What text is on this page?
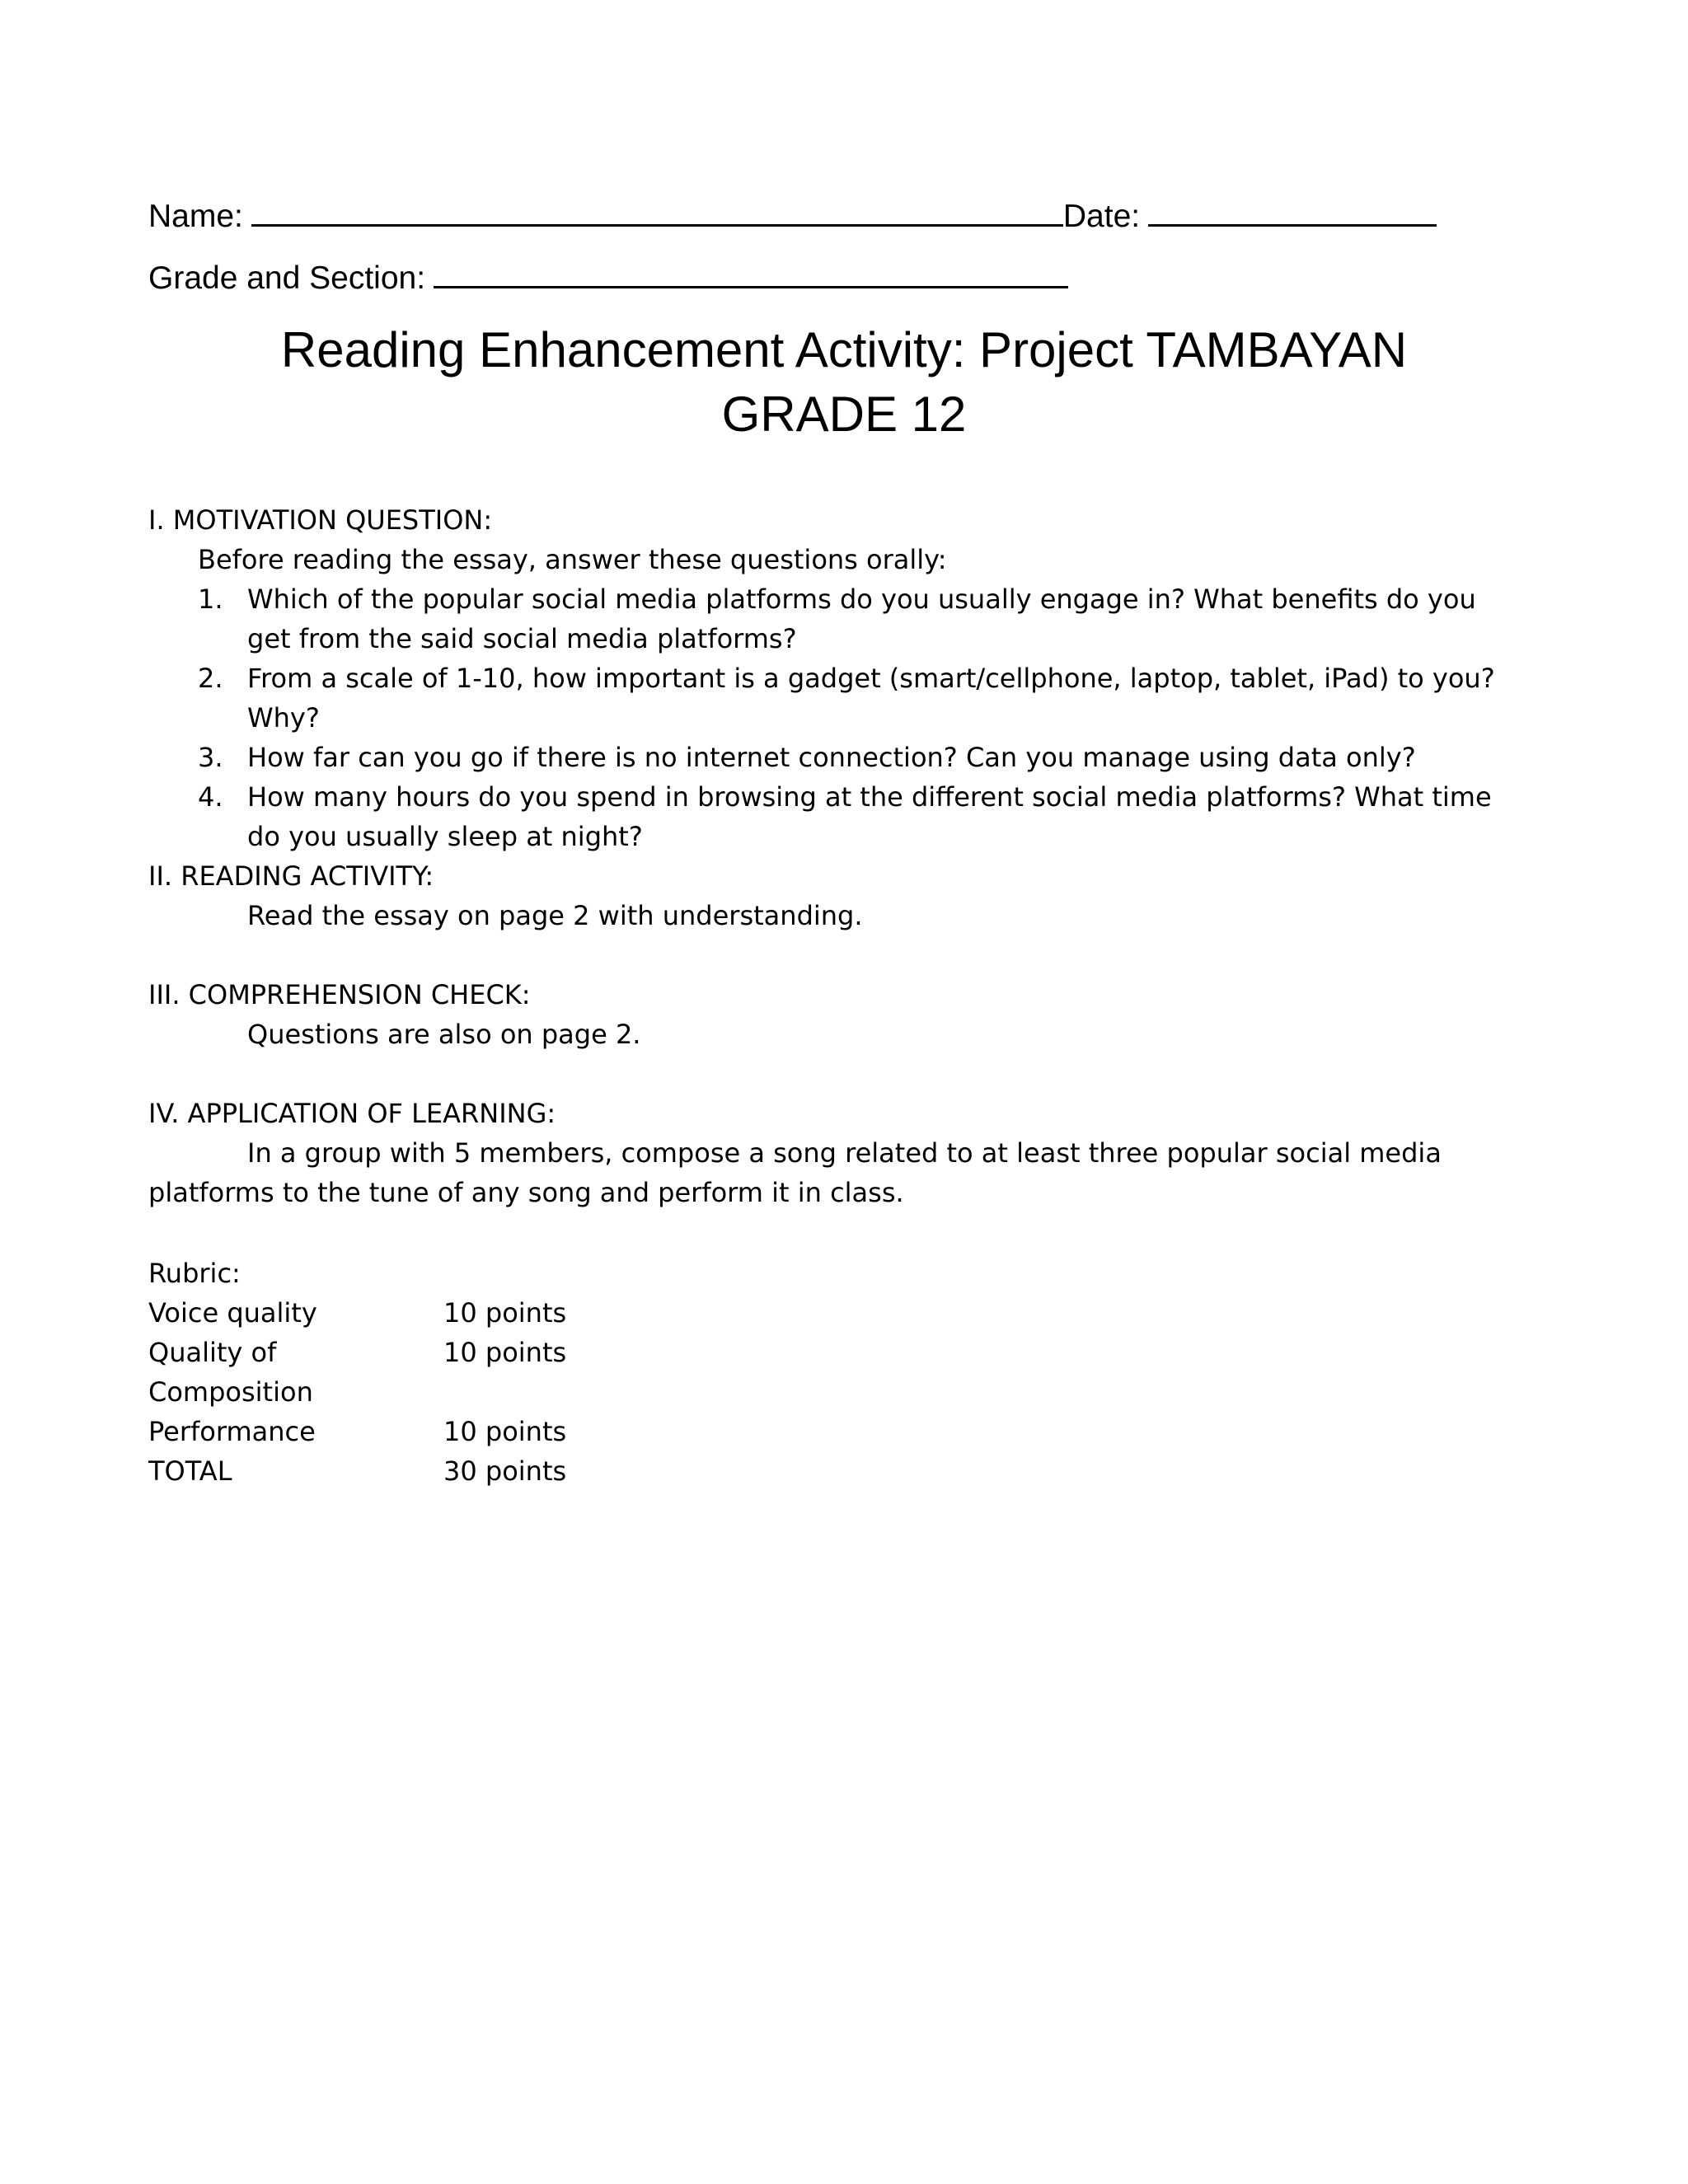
Name:	Date:
Grade and Section:
Reading Enhancement Activity: Project TAMBAYAN
GRADE 12
I. MOTIVATION QUESTION:
Before reading the essay, answer these questions orally:
1. Which of the popular social media platforms do you usually engage in? What benefits do you get from the said social media platforms?
2. From a scale of 1-10, how important is a gadget (smart/cellphone, laptop, tablet, iPad) to you? Why?
3. How far can you go if there is no internet connection? Can you manage using data only?
4. How many hours do you spend in browsing at the different social media platforms? What time do you usually sleep at night?
II. READING ACTIVITY:
Read the essay on page 2 with understanding.
III. COMPREHENSION CHECK:
Questions are also on page 2.
IV. APPLICATION OF LEARNING:
In a group with 5 members, compose a song related to at least three popular social media platforms to the tune of any song and perform it in class.
Rubric:
Voice quality	10 points
Quality of Composition	10 points
Performance	10 points
TOTAL	30 points
